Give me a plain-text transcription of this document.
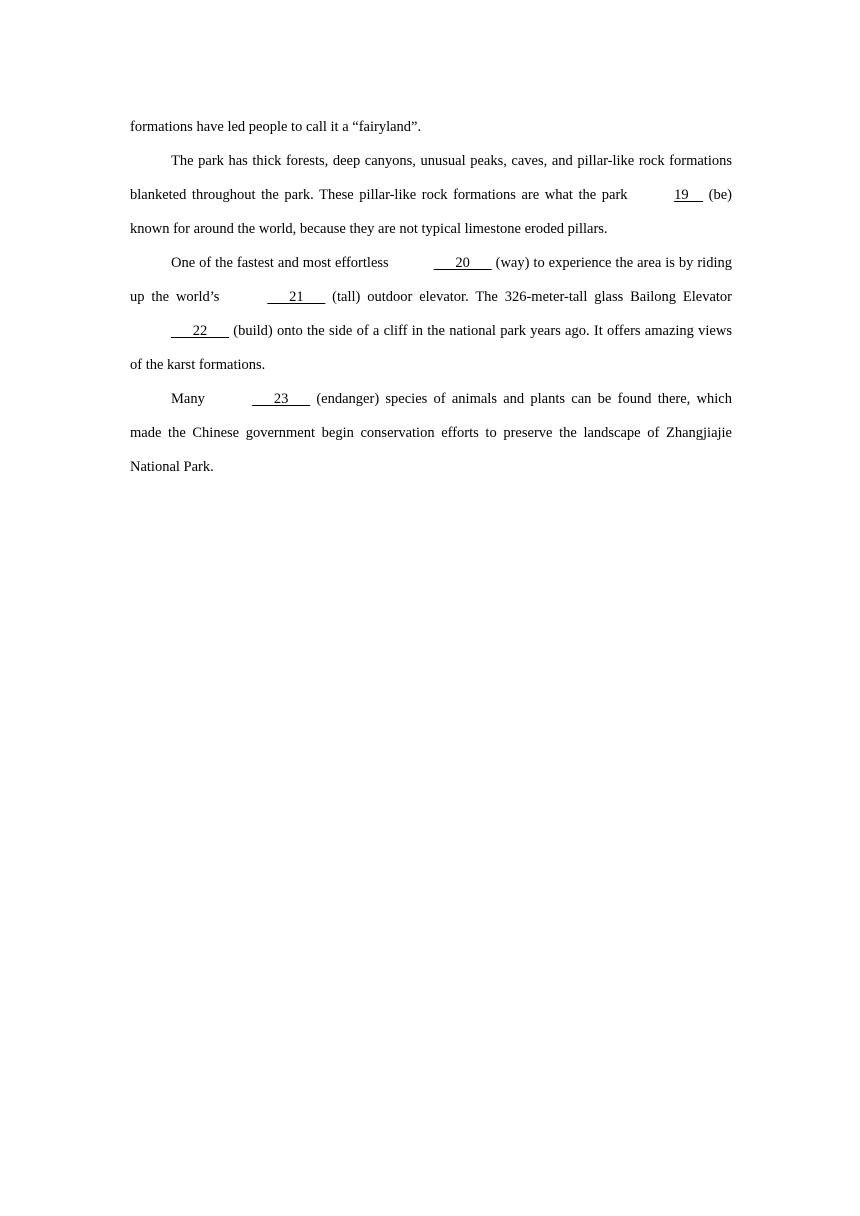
formations have led people to call it a “fairyland”.

The park has thick forests, deep canyons, unusual peaks, caves, and pillar-like rock formations blanketed throughout the park. These pillar-like rock formations are what the park	19     (be) known for around the world, because they are not typical limestone eroded pillars.

One of the fastest and most effortless	20       (way) to experience the area is by riding up the world’s	21       (tall) outdoor elevator. The 326-meter-tall glass Bailong Elevator       22       (build) onto the side of a cliff in the national park years ago. It offers amazing views of the karst formations.

Many	23       (endanger) species of animals and plants can be found there, which made the Chinese government begin conservation efforts to preserve the landscape of Zhangjiajie National Park.
